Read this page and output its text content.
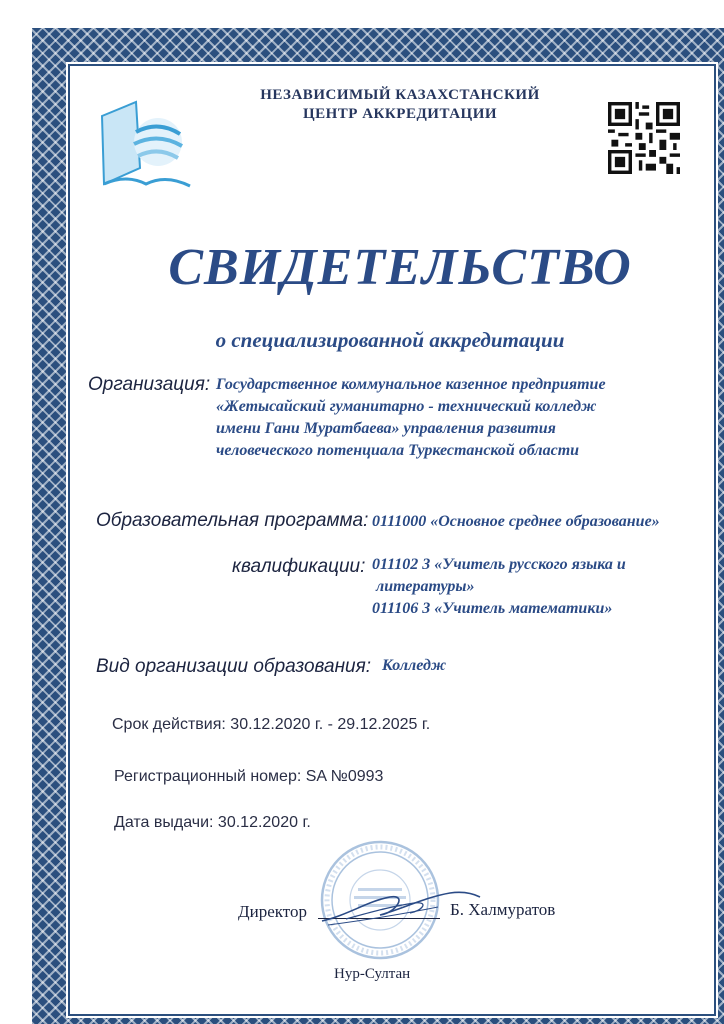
НЕЗАВИСИМЫЙ КАЗАХСТАНСКИЙ
ЦЕНТР АККРЕДИТАЦИИ
СВИДЕТЕЛЬСТВО
о специализированной аккредитации
Организация: Государственное коммунальное казенное предприятие
«Жетысайский гуманитарно - технический колледж
имени Гани Муратбаева» управления развития
человеческого потенциала Туркестанской области
Образовательная программа: 0111000 «Основное среднее образование»
квалификации: 011102 3 «Учитель русского языка и
литературы»
011106 3 «Учитель математики»
Вид организации образования: Колледж
Срок действия: 30.12.2020 г. - 29.12.2025 г.
Регистрационный номер: SA №0993
Дата выдачи: 30.12.2020 г.
Директор	Б. Халмуратов
Нур-Султан
